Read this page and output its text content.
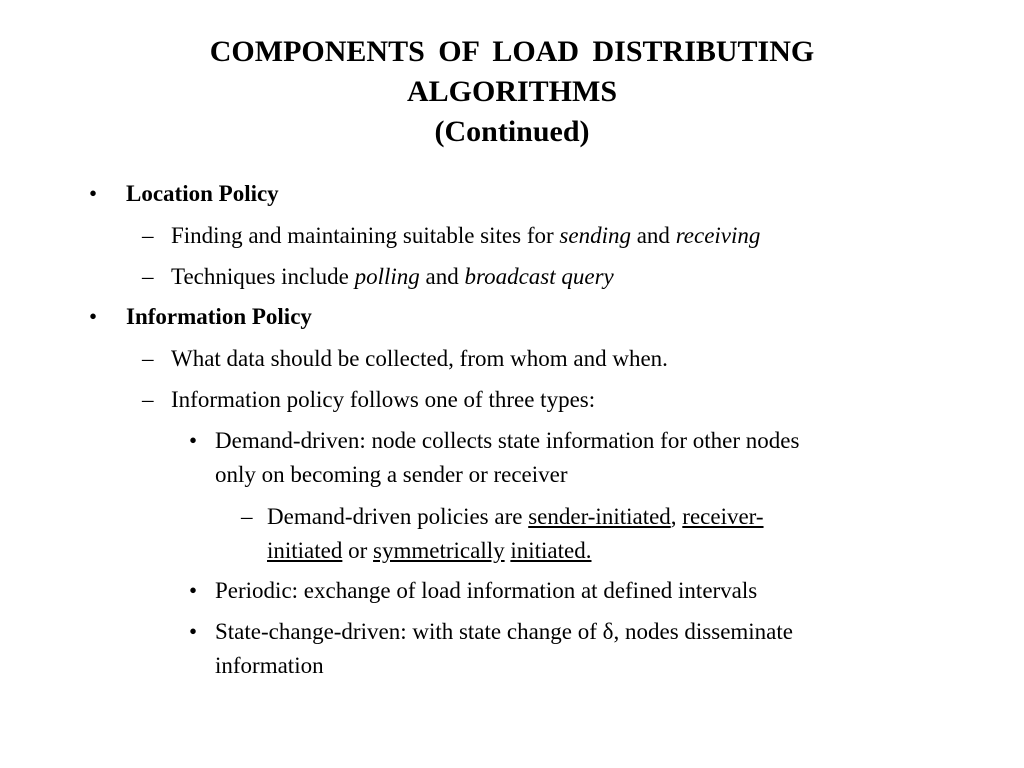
COMPONENTS OF LOAD DISTRIBUTING
ALGORITHMS
(Continued)
• Location Policy
– Finding and maintaining suitable sites for sending and receiving
– Techniques include polling and broadcast query
• Information Policy
– What data should be collected, from whom and when.
– Information policy follows one of three types:
• Demand-driven: node collects state information for other nodes
only on becoming a sender or receiver
– Demand-driven policies are sender-initiated, receiver-
initiated or symmetrically initiated.
• Periodic: exchange of load information at defined intervals
• State-change-driven: with state change of δ, nodes disseminate
information
